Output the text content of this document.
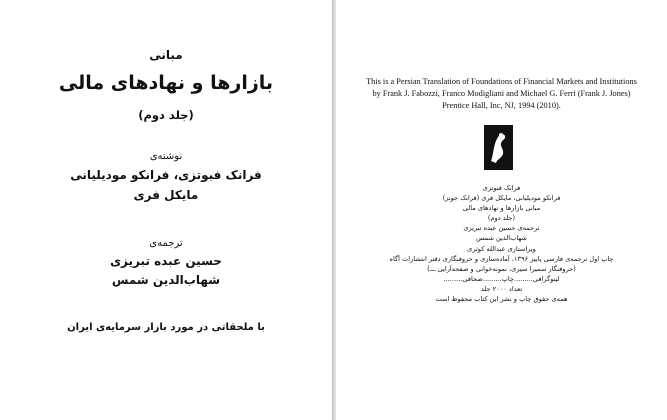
مبانی
بازارها و نهادهای مالی
(جلد دوم)
نوشته‌ی
فرانک فبوتزی، فرانکو مودیلیانی
مایکل فری
ترجمه‌ی
حسین عبده تبریزی
شهاب‌الدین شمس
با ملحقاتی در مورد بازار سرمایه‌ی ایران
This is a Persian Translation of Foundations of Financial Markets and Institutions by Frank J. Fabozzi, Franco Modigliani and Michael G. Ferri (Frank J. Jones) Prentice Hall, Inc, NJ, 1994 (2010).
فرانک فبوتزی
فرانکو مودیلیانی، مایکل فری (فرانک جونز)
مبانی بازارها و نهادهای مالی
(جلد دوم)
ترجمه‌ی حسین عبده تبریزی
شهاب‌الدین شمس
ویراستاری عبدالله کوثری
چاپ اول ترجمه‌ی فارسی پاییز ۱۳۹۶، آماده‌سازی و حروفنگاری دفتر انتشارات آگاه
(حروفنگار سمیرا سیری، نمونه‌خوانی و صفحه‌آرایی ـــ)
لیتوگرافی.........چاپ.........صحافی.........
تعداد ۲۰۰۰ جلد
همه‌ی حقوق چاپ و نشر این کتاب محفوظ است
